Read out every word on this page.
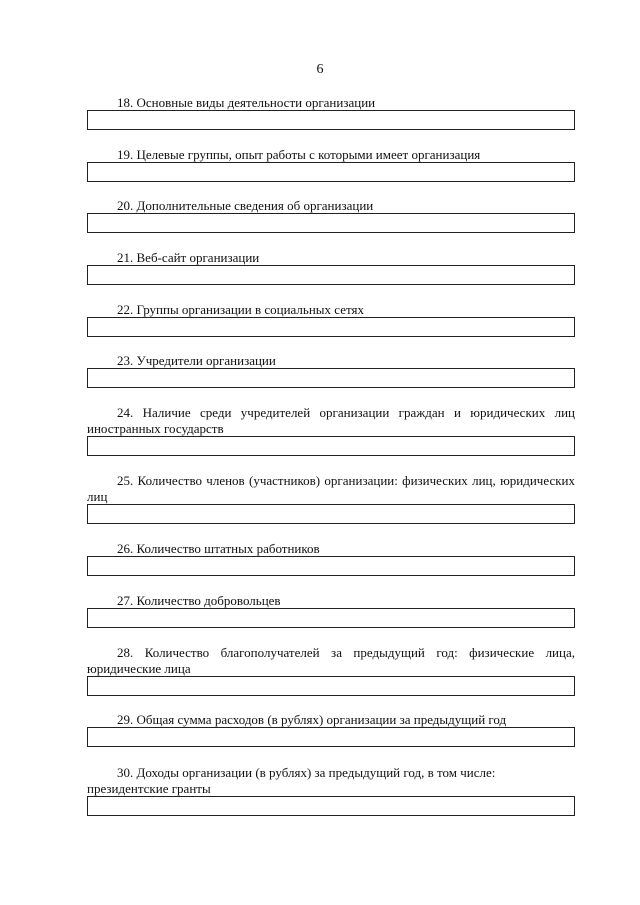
6
18. Основные виды деятельности организации
19. Целевые группы, опыт работы с которыми имеет организация
20. Дополнительные сведения об организации
21. Веб-сайт организации
22. Группы организации в социальных сетях
23. Учредители организации
24. Наличие среди учредителей организации граждан и юридических лиц иностранных государств
25. Количество членов (участников) организации: физических лиц, юридических лиц
26. Количество штатных работников
27. Количество добровольцев
28. Количество благополучателей за предыдущий год: физические лица, юридические лица
29. Общая сумма расходов (в рублях) организации за предыдущий год
30. Доходы организации (в рублях) за предыдущий год, в том числе: президентские гранты
